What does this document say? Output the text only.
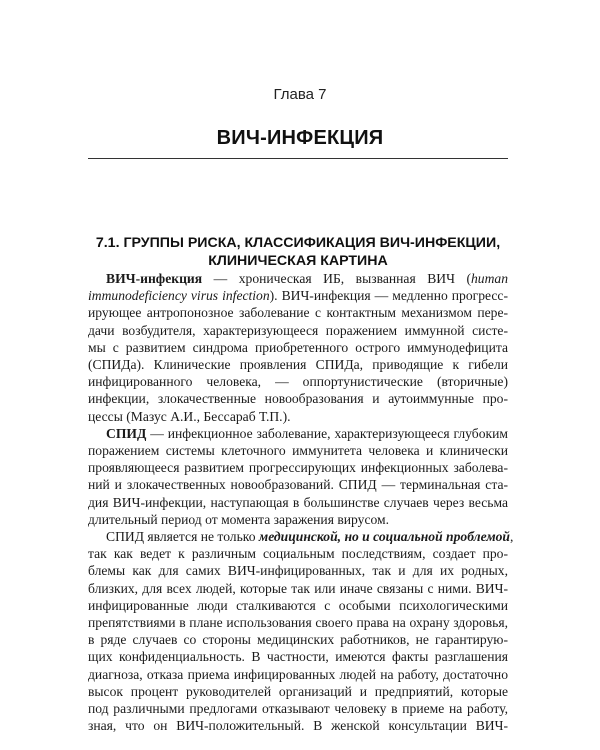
Глава 7
ВИЧ-ИНФЕКЦИЯ
7.1. ГРУППЫ РИСКА, КЛАССИФИКАЦИЯ ВИЧ-ИНФЕКЦИИ,
КЛИНИЧЕСКАЯ КАРТИНА
ВИЧ-инфекция — хроническая ИБ, вызванная ВИЧ (human
immunodeficiency virus infection). ВИЧ-инфекция — медленно прогресс-
ирующее антропонозное заболевание с контактным механизмом пере-
дачи возбудителя, характеризующееся поражением иммунной систе-
мы с развитием синдрома приобретенного острого иммунодефицита
(СПИДа). Клинические проявления СПИДа, приводящие к гибели
инфицированного человека, — оппортунистические (вторичные)
инфекции, злокачественные новообразования и аутоиммунные про-
цессы (Мазус А.И., Бессараб Т.П.).
СПИД — инфекционное заболевание, характеризующееся глубоким
поражением системы клеточного иммунитета человека и клинически
проявляющееся развитием прогрессирующих инфекционных заболева-
ний и злокачественных новообразований. СПИД — терминальная ста-
дия ВИЧ-инфекции, наступающая в большинстве случаев через весьма
длительный период от момента заражения вирусом.
СПИД является не только медицинской, но и социальной проблемой,
так как ведет к различным социальным последствиям, создает про-
блемы как для самих ВИЧ-инфицированных, так и для их родных,
близких, для всех людей, которые так или иначе связаны с ними. ВИЧ-
инфицированные люди сталкиваются с особыми психологическими
препятствиями в плане использования своего права на охрану здоровья,
в ряде случаев со стороны медицинских работников, не гарантирую-
щих конфиденциальность. В частности, имеются факты разглашения
диагноза, отказа приема инфицированных людей на работу, достаточно
высок процент руководителей организаций и предприятий, которые
под различными предлогами отказывают человеку в приеме на работу,
зная, что он ВИЧ-положительный. В женской консультации ВИЧ-
